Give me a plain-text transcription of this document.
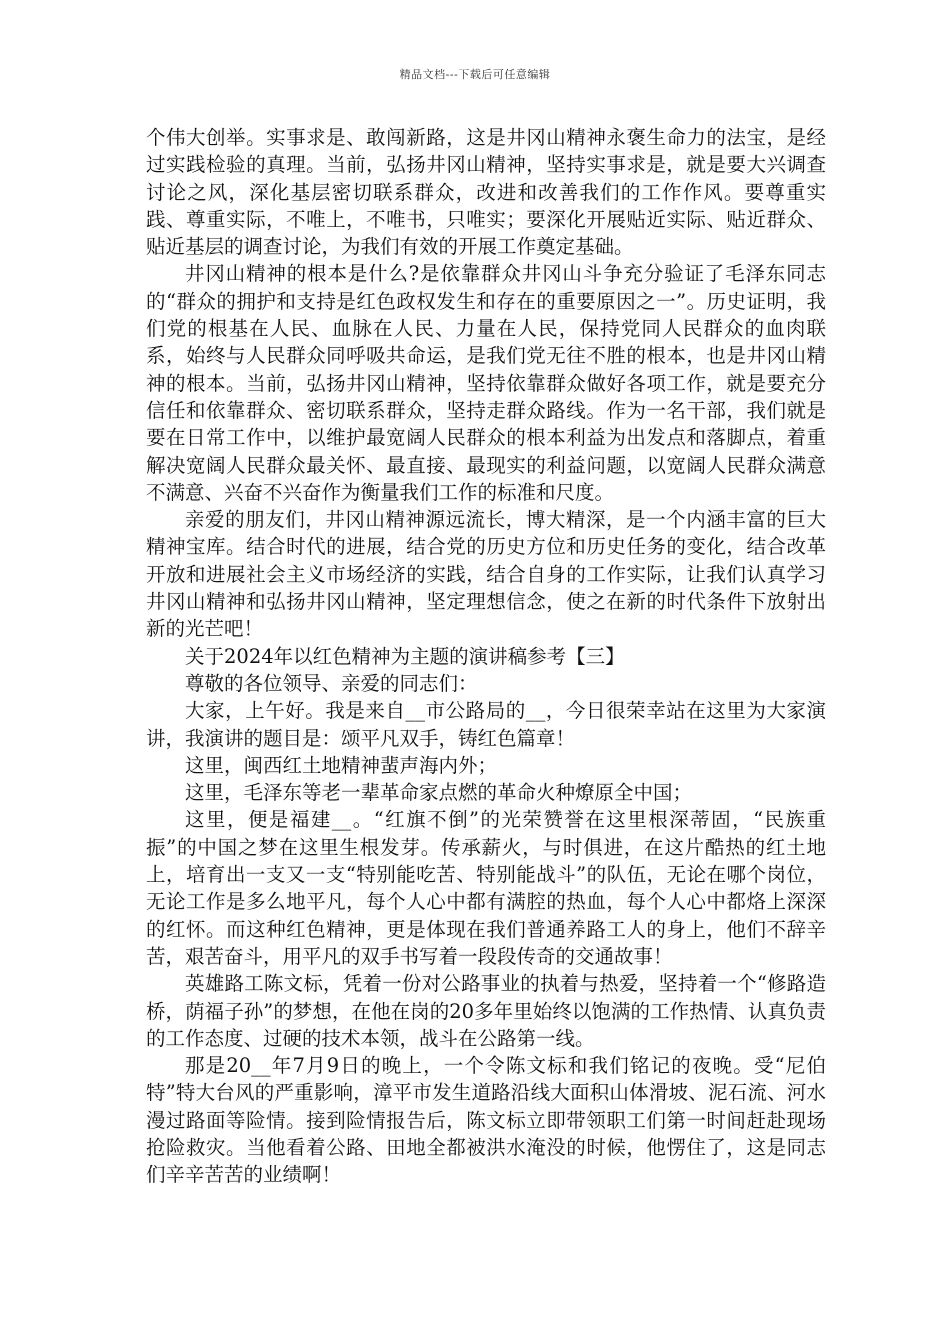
精品文档---下载后可任意编辑

个伟大创举。实事求是、敢闯新路，这是井冈山精神永褒生命力的法宝，是经过实践检验的真理。当前，弘扬井冈山精神，坚持实事求是，就是要大兴调查讨论之风，深化基层密切联系群众，改进和改善我们的工作作风。要尊重实践、尊重实际，不唯上，不唯书，只唯实；要深化开展贴近实际、贴近群众、贴近基层的调查讨论，为我们有效的开展工作奠定基础。

井冈山精神的根本是什么?是依靠群众井冈山斗争充分验证了毛泽东同志的“群众的拥护和支持是红色政权发生和存在的重要原因之一”。历史证明，我们党的根基在人民、血脉在人民、力量在人民，保持党同人民群众的血肉联系，始终与人民群众同呼吸共命运，是我们党无往不胜的根本，也是井冈山精神的根本。当前，弘扬井冈山精神，坚持依靠群众做好各项工作，就是要充分信任和依靠群众、密切联系群众，坚持走群众路线。作为一名干部，我们就是要在日常工作中，以维护最宽阔人民群众的根本利益为出发点和落脚点，着重解决宽阔人民群众最关怀、最直接、最现实的利益问题，以宽阔人民群众满意不满意、兴奋不兴奋作为衡量我们工作的标准和尺度。

亲爱的朋友们，井冈山精神源远流长，博大精深，是一个内涵丰富的巨大精神宝库。结合时代的进展，结合党的历史方位和历史任务的变化，结合改革开放和进展社会主义市场经济的实践，结合自身的工作实际，让我们认真学习井冈山精神和弘扬井冈山精神，坚定理想信念，使之在新的时代条件下放射出新的光芒吧！

关于2024年以红色精神为主题的演讲稿参考【三】

尊敬的各位领导、亲爱的同志们：

大家，上午好。我是来自__市公路局的__，今日很荣幸站在这里为大家演讲，我演讲的题目是：颂平凡双手，铸红色篇章！

这里，闽西红土地精神蜚声海内外；

这里，毛泽东等老一辈革命家点燃的革命火种燎原全中国；

这里，便是福建__。“红旗不倒”的光荣赞誉在这里根深蒂固，“民族重振”的中国之梦在这里生根发芽。传承薪火，与时俱进，在这片酷热的红土地上，培育出一支又一支“特别能吃苦、特别能战斗”的队伍，无论在哪个岗位，无论工作是多么地平凡，每个人心中都有满腔的热血，每个人心中都烙上深深的红怀。而这种红色精神，更是体现在我们普通养路工人的身上，他们不辞辛苦，艰苦奋斗，用平凡的双手书写着一段段传奇的交通故事！

英雄路工陈文标，凭着一份对公路事业的执着与热爱，坚持着一个“修路造桥，荫福子孙”的梦想，在他在岗的20多年里始终以饱满的工作热情、认真负责的工作态度、过硬的技术本领，战斗在公路第一线。

那是20__年7月9日的晚上，一个令陈文标和我们铭记的夜晚。受“尼伯特”特大台风的严重影响，漳平市发生道路沿线大面积山体滑坡、泥石流、河水漫过路面等险情。接到险情报告后，陈文标立即带领职工们第一时间赶赴现场抢险救灾。当他看着公路、田地全都被洪水淹没的时候，他愣住了，这是同志们辛辛苦苦的业绩啊！
